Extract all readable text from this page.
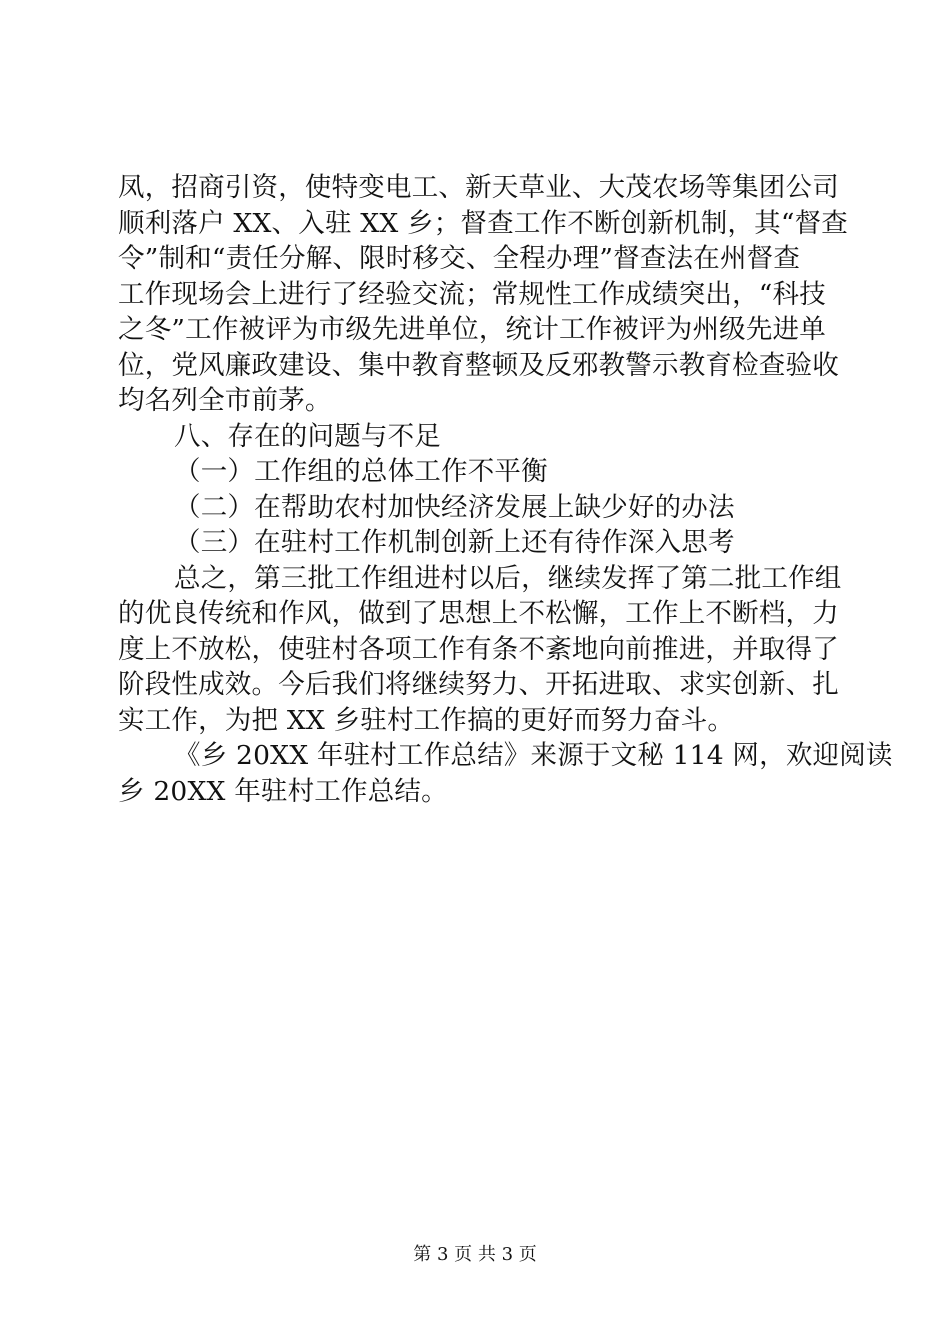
凤，招商引资，使特变电工、新天草业、大茂农场等集团公司
顺利落户 XX、入驻 XX 乡；督查工作不断创新机制，其“督查
令”制和“责任分解、限时移交、全程办理”督查法在州督查
工作现场会上进行了经验交流；常规性工作成绩突出，“科技
之冬”工作被评为市级先进单位，统计工作被评为州级先进单
位，党风廉政建设、集中教育整顿及反邪教警示教育检查验收
均名列全市前茅。
八、存在的问题与不足
（一）工作组的总体工作不平衡
（二）在帮助农村加快经济发展上缺少好的办法
（三）在驻村工作机制创新上还有待作深入思考
总之，第三批工作组进村以后，继续发挥了第二批工作组
的优良传统和作风，做到了思想上不松懈，工作上不断档，力
度上不放松，使驻村各项工作有条不紊地向前推进，并取得了
阶段性成效。今后我们将继续努力、开拓进取、求实创新、扎
实工作，为把 XX 乡驻村工作搞的更好而努力奋斗。
《乡 20XX 年驻村工作总结》来源于文秘 114 网，欢迎阅读
乡 20XX 年驻村工作总结。
第 3 页 共 3 页
